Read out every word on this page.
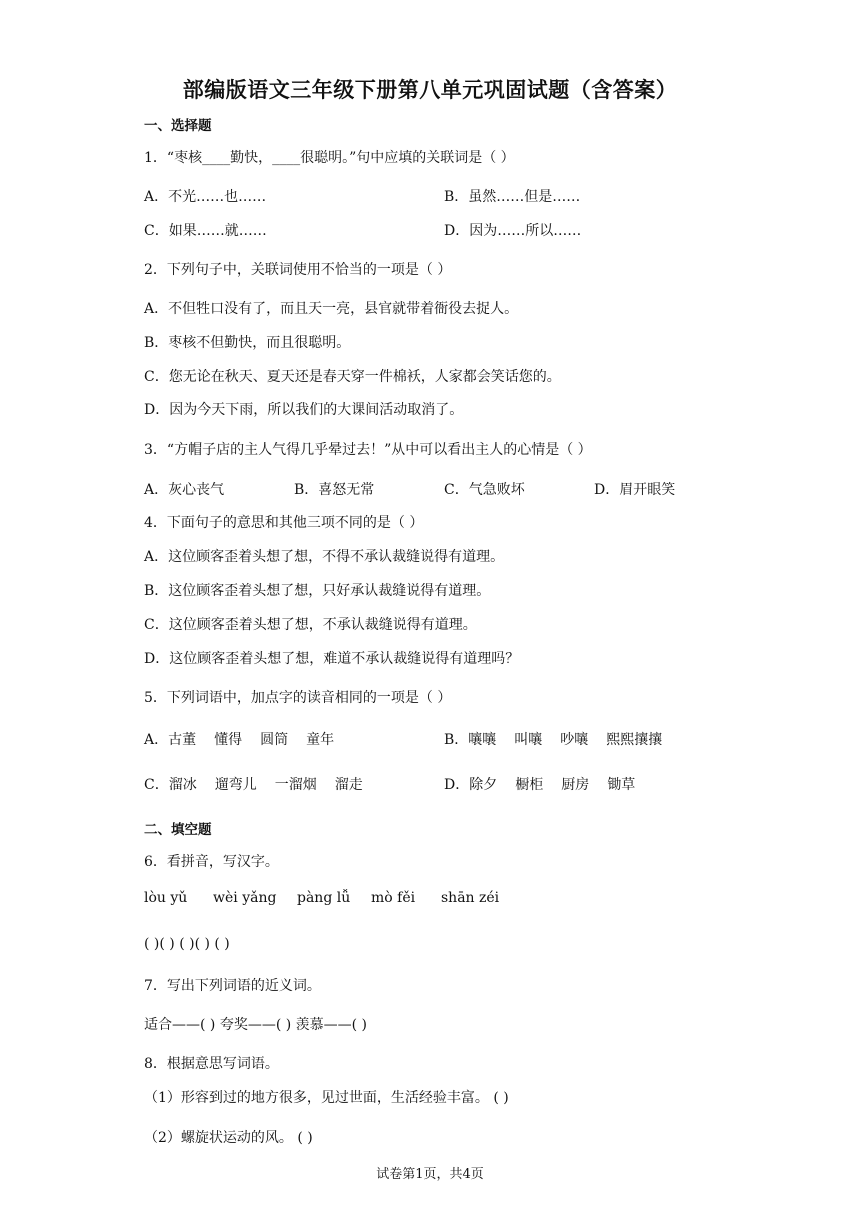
部编版语文三年级下册第八单元巩固试题（含答案）
一、选择题
1．“枣核____勤快，____很聪明。”句中应填的关联词是（ ）
A．不光……也……	B．虽然……但是……
C．如果……就……	D．因为……所以……
2．下列句子中，关联词使用不恰当的一项是（ ）
A．不但牲口没有了，而且天一亮，县官就带着衙役去捉人。
B．枣核不但勤快，而且很聪明。
C．您无论在秋天、夏天还是春天穿一件棉袄，人家都会笑话您的。
D．因为今天下雨，所以我们的大课间活动取消了。
3．“方帽子店的主人气得几乎晕过去！”从中可以看出主人的心情是（ ）
A．灰心丧气	B．喜怒无常	C．气急败坏	D．眉开眼笑
4．下面句子的意思和其他三项不同的是（ ）
A．这位顾客歪着头想了想，不得不承认裁缝说得有道理。
B．这位顾客歪着头想了想，只好承认裁缝说得有道理。
C．这位顾客歪着头想了想，不承认裁缝说得有道理。
D．这位顾客歪着头想了想，难道不承认裁缝说得有道理吗？
5．下列词语中，加点字的读音相同的一项是（ ）
A．古董 懂得 圆筒 童年	B．嚷嚷 叫嚷 吵嚷 熙熙攘攘
C．溜冰 遛弯儿 一溜烟 溜走	D．除夕 橱柜 厨房 锄草
二、填空题
6．看拼音，写汉字。
lòu yǔ wèi yǎng pàng lǚ mò fěi shān zéi
( )( ) ( )( ) ( )
7．写出下列词语的近义词。
适合——( ) 夸奖——( ) 羡慕——( )
8．根据意思写词语。
（1）形容到过的地方很多，见过世面，生活经验丰富。 ( )
（2）螺旋状运动的风。 ( )
试卷第1页，共4页
